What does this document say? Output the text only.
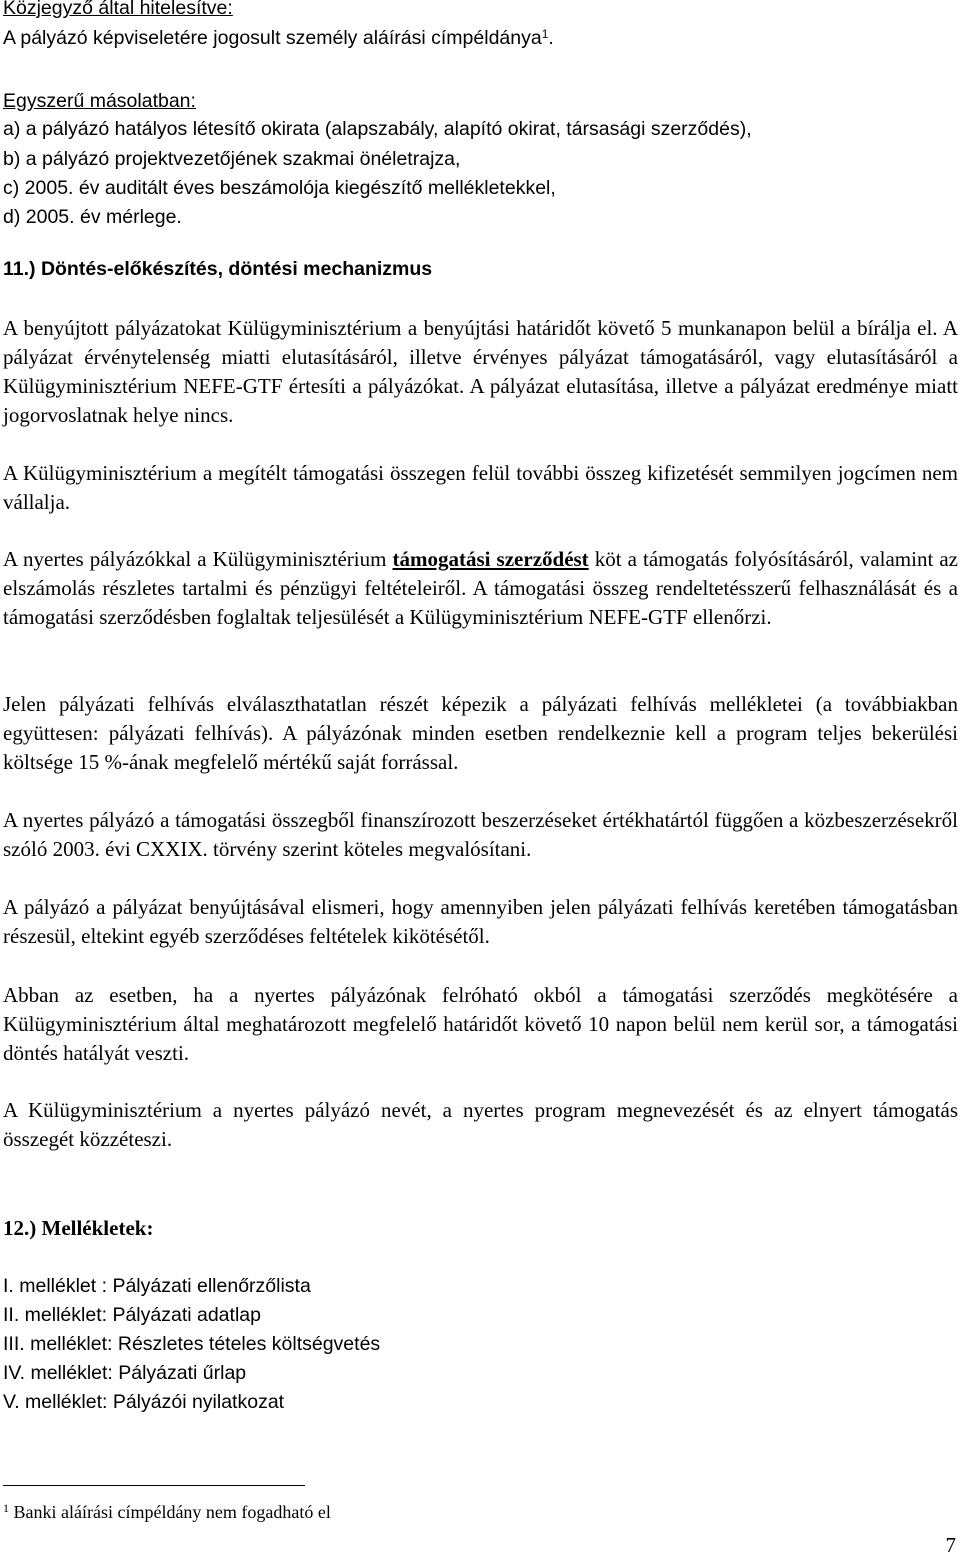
Közjegyző által hitelesítve:
A pályázó képviseletére jogosult személy aláírási címpéldánya$^1$.
Egyszerű másolatban:
a) a pályázó hatályos létesítő okirata (alapszabály, alapító okirat, társasági szerződés),
b) a pályázó projektvezetőjének szakmai önéletrajza,
c) 2005. év auditált éves beszámolója kiegészítő mellékletekkel,
d) 2005. év mérlege.
11.) Döntés-előkészítés, döntési mechanizmus
A benyújtott pályázatokat Külügyminisztérium a benyújtási határidőt követő 5 munkanapon belül a bírálja el. A pályázat érvénytelenség miatti elutasításáról, illetve érvényes pályázat támogatásáról, vagy elutasításáról a Külügyminisztérium NEFE-GTF értesíti a pályázókat. A pályázat elutasítása, illetve a pályázat eredménye miatt jogorvoslatnak helye nincs.
A Külügyminisztérium a megítélt támogatási összegen felül további összeg kifizetését semmilyen jogcímen nem vállalja.
A nyertes pályázókkal a Külügyminisztérium támogatási szerződést köt a támogatás folyósításáról, valamint az elszámolás részletes tartalmi és pénzügyi feltételeiről. A támogatási összeg rendeltetésszerű felhasználását és a támogatási szerződésben foglaltak teljesülését a Külügyminisztérium NEFE-GTF ellenőrzi.
Jelen pályázati felhívás elválaszthatatlan részét képezik a pályázati felhívás mellékletei (a továbbiakban együttesen: pályázati felhívás). A pályázónak minden esetben rendelkeznie kell a program teljes bekerülési költsége 15 %-ának megfelelő mértékű saját forrással.
A nyertes pályázó a támogatási összegből finanszírozott beszerzéseket értékhatártól függően a közbeszerzésekről szóló 2003. évi CXXIX. törvény szerint köteles megvalósítani.
A pályázó a pályázat benyújtásával elismeri, hogy amennyiben jelen pályázati felhívás keretében támogatásban részesül, eltekint egyéb szerződéses feltételek kikötésétől.
Abban az esetben, ha a nyertes pályázónak felróható okból a támogatási szerződés megkötésére a Külügyminisztérium által meghatározott megfelelő határidőt követő 10 napon belül nem kerül sor, a támogatási döntés hatályát veszti.
A Külügyminisztérium a nyertes pályázó nevét, a nyertes program megnevezését és az elnyert támogatás összegét közzéteszi.
12.) Mellékletek:
I. melléklet : Pályázati ellenőrzőlista
II. melléklet: Pályázati adatlap
III. melléklet: Részletes tételes költségvetés
IV. melléklet: Pályázati űrlap
V. melléklet: Pályázói nyilatkozat
$^1$ Banki aláírási címpéldány nem fogadható el
7
